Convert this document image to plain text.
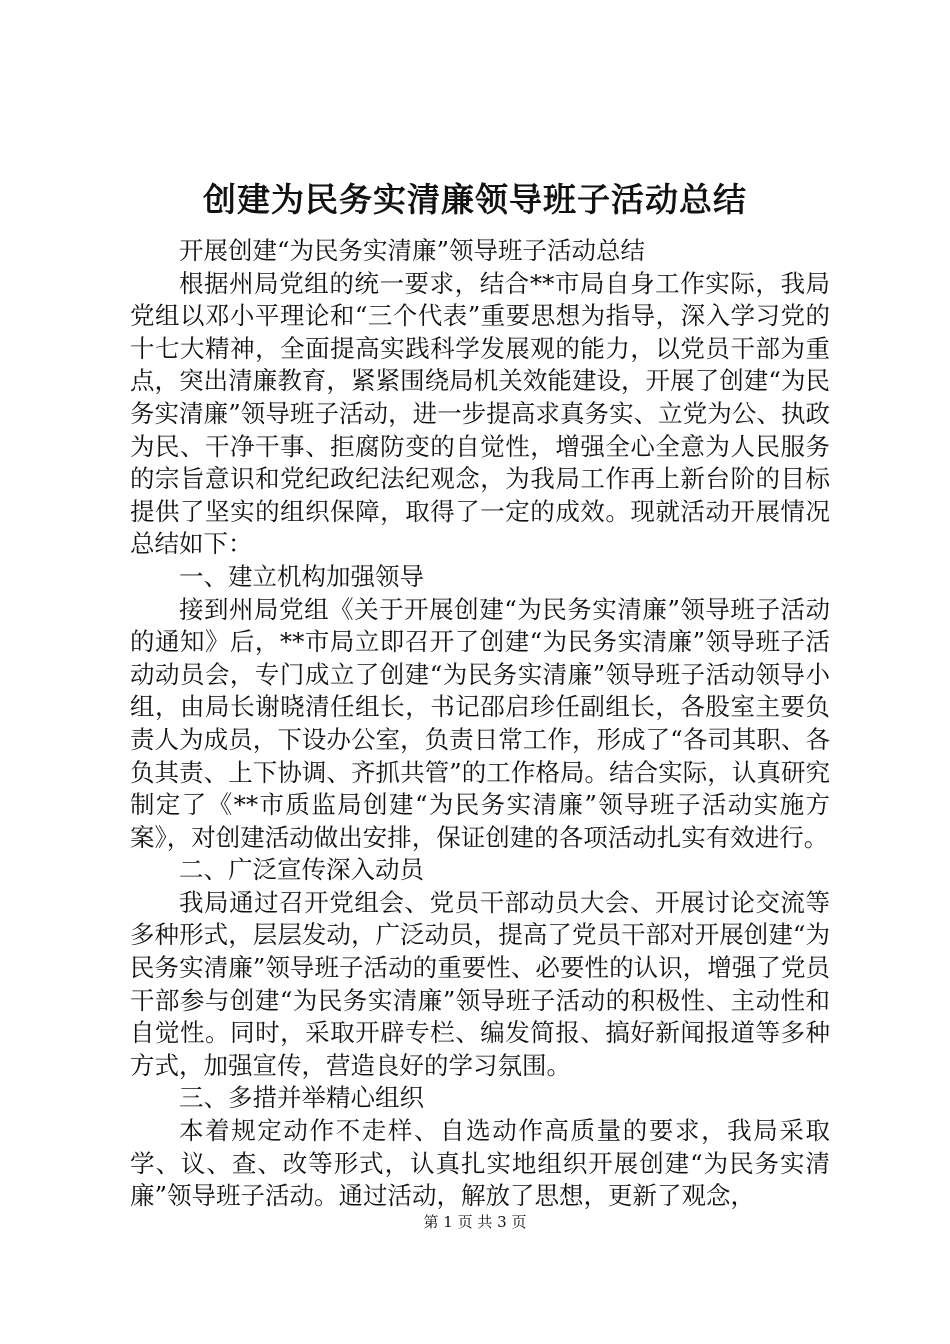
创建为民务实清廉领导班子活动总结

开展创建“为民务实清廉”领导班子活动总结

根据州局党组的统一要求，结合**市局自身工作实际，我局党组以邓小平理论和“三个代表”重要思想为指导，深入学习党的十七大精神，全面提高实践科学发展观的能力，以党员干部为重点，突出清廉教育，紧紧围绕局机关效能建设，开展了创建“为民务实清廉”领导班子活动，进一步提高求真务实、立党为公、执政为民、干净干事、拒腐防变的自觉性，增强全心全意为人民服务的宗旨意识和党纪政纪法纪观念，为我局工作再上新台阶的目标提供了坚实的组织保障，取得了一定的成效。现就活动开展情况总结如下：

一、建立机构加强领导

接到州局党组《关于开展创建“为民务实清廉”领导班子活动的通知》后，**市局立即召开了创建“为民务实清廉”领导班子活动动员会，专门成立了创建“为民务实清廉”领导班子活动领导小组，由局长谢晓清任组长，书记邵启珍任副组长，各股室主要负责人为成员，下设办公室，负责日常工作，形成了“各司其职、各负其责、上下协调、齐抓共管”的工作格局。结合实际，认真研究制定了《**市质监局创建“为民务实清廉”领导班子活动实施方案》，对创建活动做出安排，保证创建的各项活动扎实有效进行。

二、广泛宣传深入动员

我局通过召开党组会、党员干部动员大会、开展讨论交流等多种形式，层层发动，广泛动员，提高了党员干部对开展创建“为民务实清廉”领导班子活动的重要性、必要性的认识，增强了党员干部参与创建“为民务实清廉”领导班子活动的积极性、主动性和自觉性。同时，采取开辟专栏、编发简报、搞好新闻报道等多种方式，加强宣传，营造良好的学习氛围。

三、多措并举精心组织

本着规定动作不走样、自选动作高质量的要求，我局采取学、议、查、改等形式，认真扎实地组织开展创建“为民务实清廉”领导班子活动。通过活动，解放了思想，更新了观念，

第 1 页 共 3 页
